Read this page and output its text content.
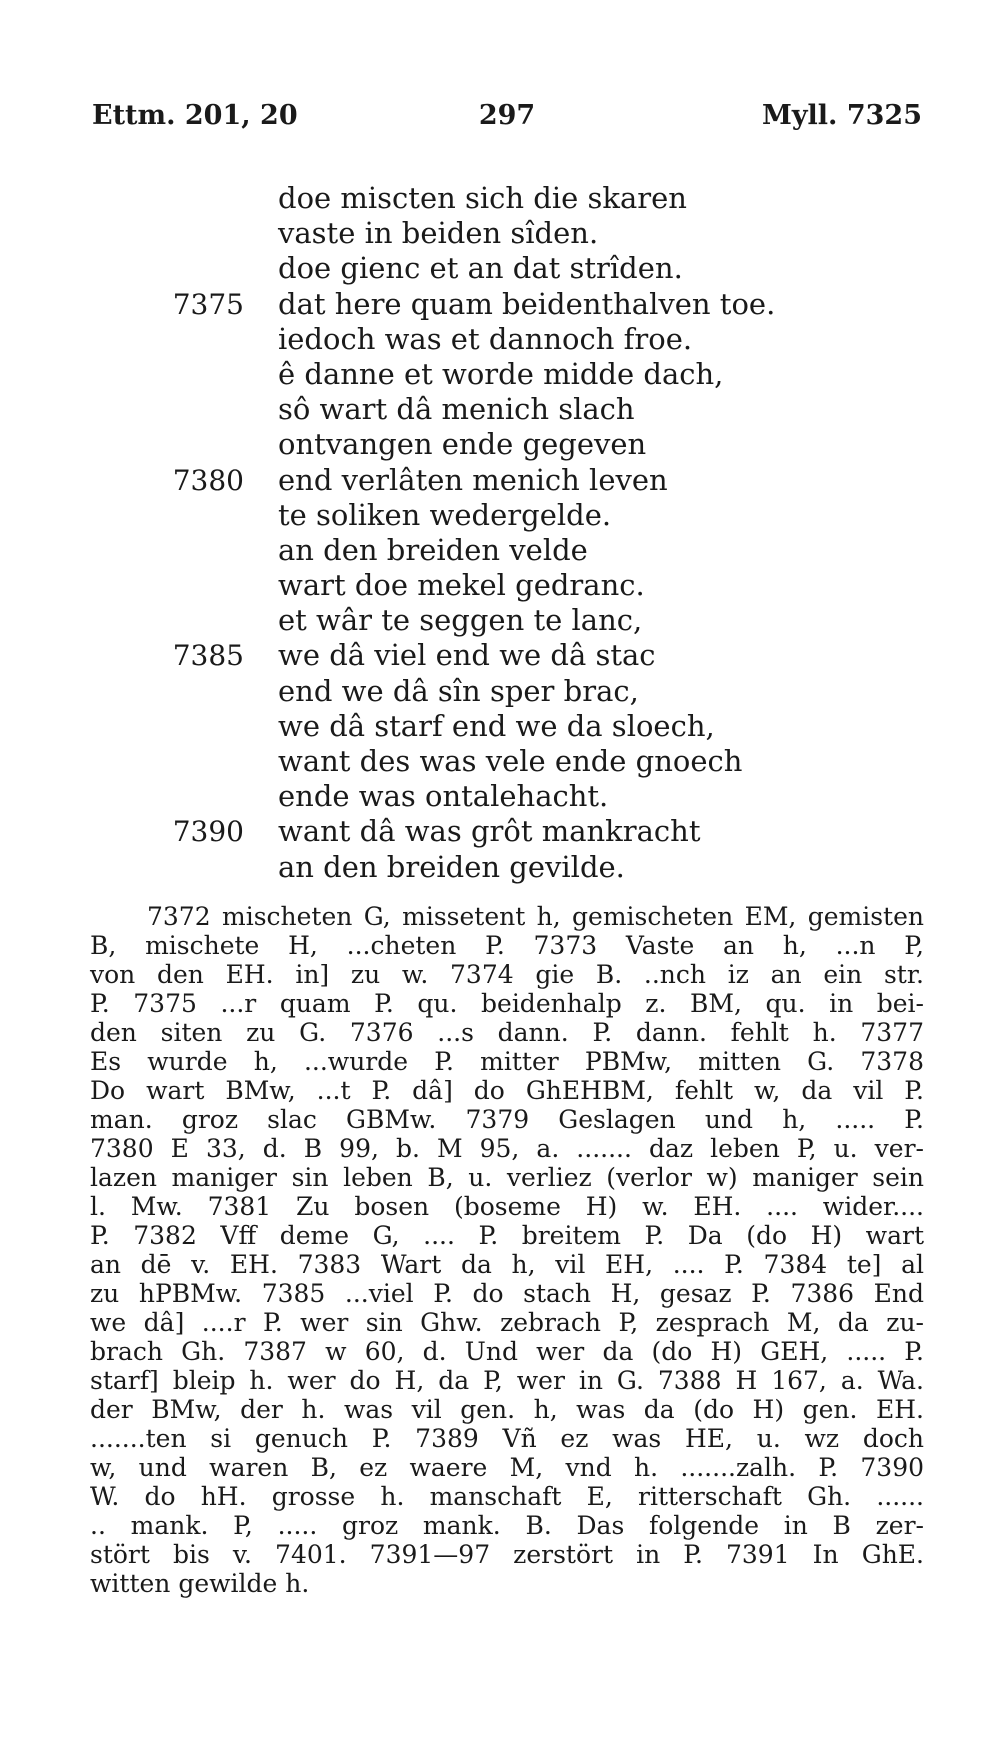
Ettm. 201, 20	297	Myll. 7325
doe miscten sich die skaren
vaste in beiden sîden.
doe gienc et an dat strîden.
7375 dat here quam beidenthalven toe.
iedoch was et dannoch froe.
ê danne et worde midde dach,
sô wart dâ menich slach
ontvangen ende gegeven
7380 end verlâten menich leven
te soliken wedergelde.
an den breiden velde
wart doe mekel gedranc.
et wâr te seggen te lanc,
7385 we dâ viel end we dâ stac
end we dâ sîn sper brac,
we dâ starf end we da sloech,
want des was vele ende gnoech
ende was ontalehacht.
7390 want dâ was grôt mankracht
an den breiden gevilde.
7372 mischeten G, missetent h, gemischeten EM, gemisten
B, mischete H, ...cheten P. 7373 Vaste an h, ...n P,
von den EH. in] zu w. 7374 gie B. ..nch iz an ein str.
P. 7375 ...r quam P. qu. beidenhalp z. BM, qu. in bei-
den siten zu G. 7376 ...s dann. P. dann. fehlt h. 7377
Es wurde h, ...wurde P. mitter PBMw, mitten G. 7378
Do wart BMw, ...t P. dâ] do GhEHBM, fehlt w, da vil P.
man. groz slac GBMw. 7379 Geslagen und h, ..... P.
7380 E 33, d. B 99, b. M 95, a. ....... daz leben P, u. ver-
lazen maniger sin leben B, u. verliez (verlor w) maniger sein
l. Mw. 7381 Zu bosen (boseme H) w. EH. .... wider....
P. 7382 Vff deme G, .... P. breitem P. Da (do H) wart
an dē v. EH. 7383 Wart da h, vil EH, .... P. 7384 te] al
zu hPBMw. 7385 ...viel P. do stach H, gesaz P. 7386 End
we dâ] ....r P. wer sin Ghw. zebrach P, zesprach M, da zu-
brach Gh. 7387 w 60, d. Und wer da (do H) GEH, ..... P.
starf] bleip h. wer do H, da P, wer in G. 7388 H 167, a. Wa.
der BMw, der h. was vil gen. h, was da (do H) gen. EH.
.......ten si genuch P. 7389 Vñ ez was HE, u. wz doch
w, und waren B, ez waere M, vnd h. .......zalh. P. 7390
W. do hH. grosse h. manschaft E, ritterschaft Gh. ......
.. mank. P, ..... groz mank. B. Das folgende in B zer-
stört bis v. 7401. 7391—97 zerstört in P. 7391 In GhE.
witten gewilde h.
